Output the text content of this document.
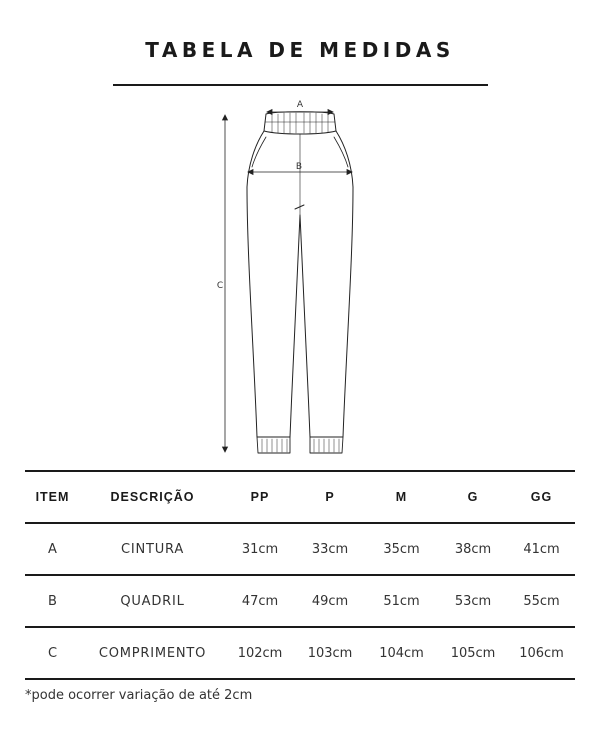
TABELA DE MEDIDAS
A
B
C
ITEM	DESCRIÇÃO	PP	P	M	G	GG
A	CINTURA	31cm	33cm	35cm	38cm	41cm
B	QUADRIL	47cm	49cm	51cm	53cm	55cm
C	COMPRIMENTO	102cm	103cm	104cm	105cm	106cm
*pode ocorrer variação de até 2cm
